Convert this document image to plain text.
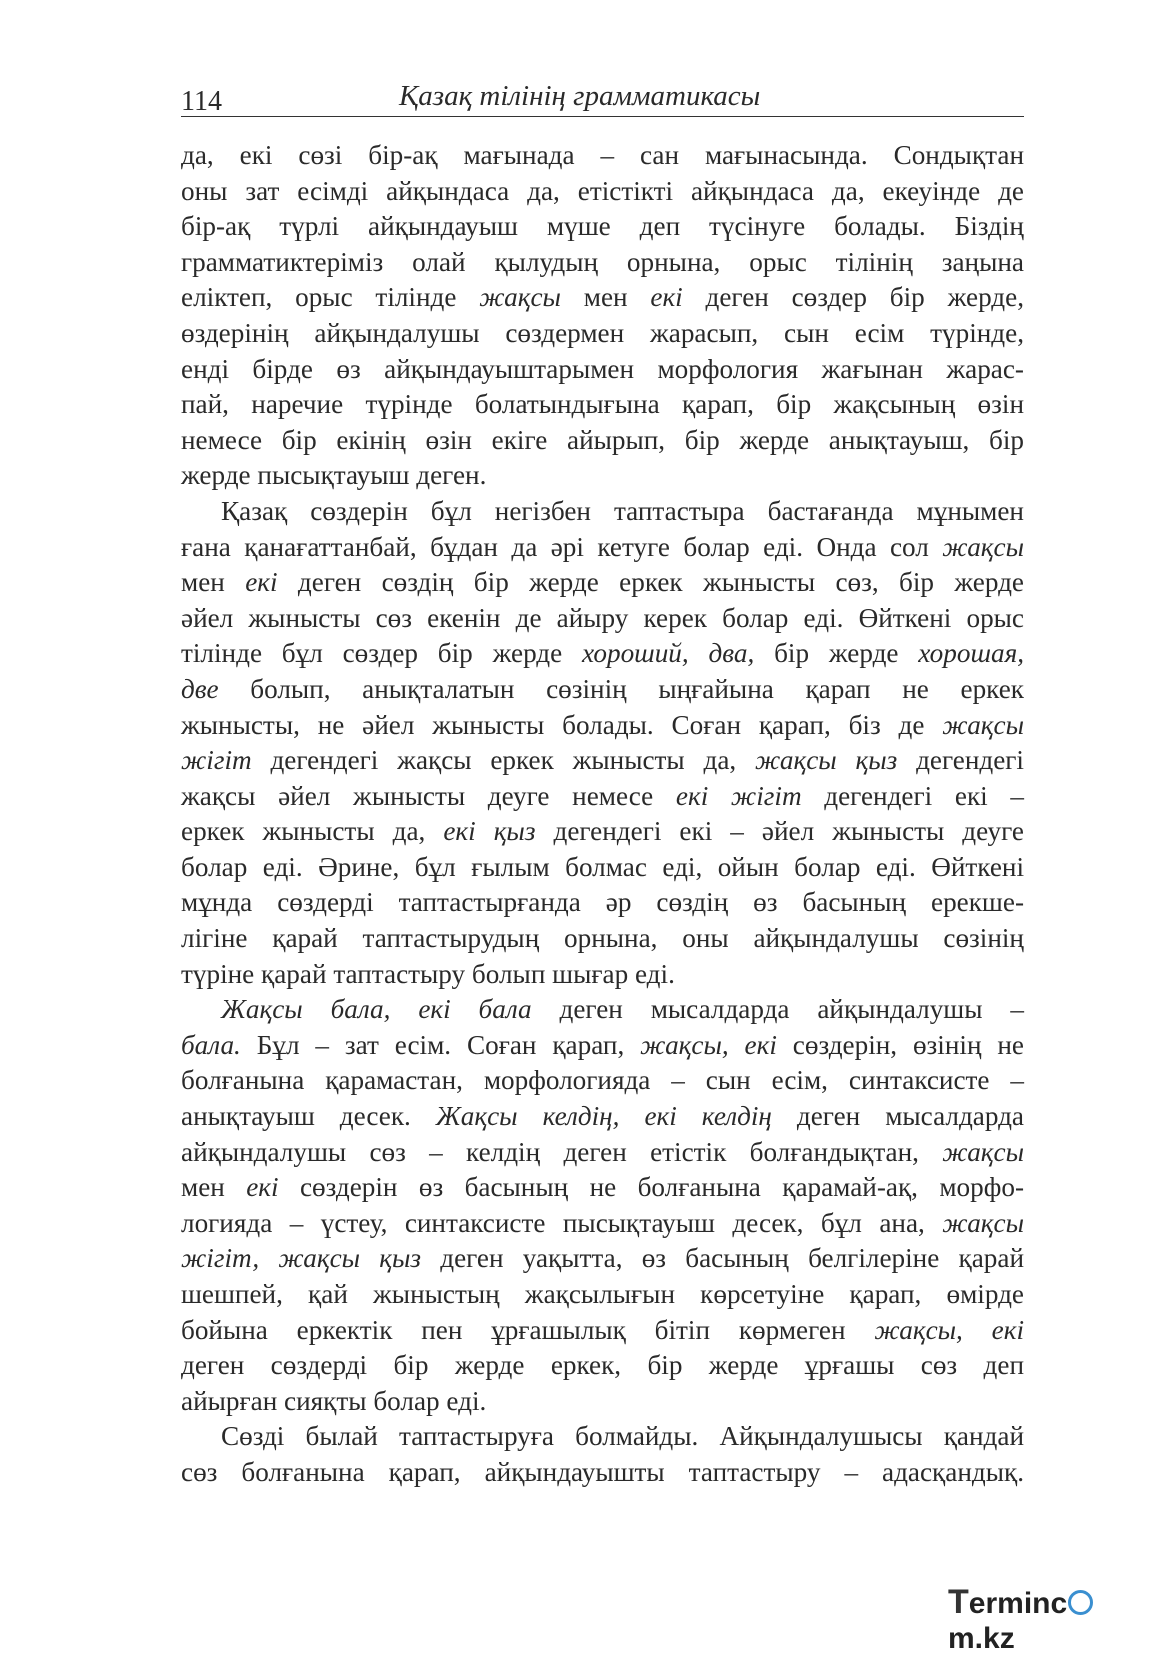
114	Қазақ тілінің грамматикасы
да, екі сөзі бір-ақ мағынада – сан мағынасында. Сондықтан
оны зат есімді айқындаса да, етістікті айқындаса да, екеуінде де
бір-ақ түрлі айқындауыш мүше деп түсінуге болады. Біздің
грамматиктеріміз олай қылудың орнына, орыс тілінің заңына
еліктеп, орыс тілінде жақсы мен екі деген сөздер бір жерде,
өздерінің айқындалушы сөздермен жарасып, сын есім түрінде,
енді бірде өз айқындауыштарымен морфология жағынан жарас-
пай, наречие түрінде болатындығына қарап, бір жақсының өзін
немесе бір екінің өзін екіге айырып, бір жерде анықтауыш, бір
жерде пысықтауыш деген.
Қазақ сөздерін бұл негізбен таптастыра бастағанда мұнымен
ғана қанағаттанбай, бұдан да әрі кетуге болар еді. Онда сол жақсы
мен екі деген сөздің бір жерде еркек жынысты сөз, бір жерде
әйел жынысты сөз екенін де айыру керек болар еді. Өйткені орыс
тілінде бұл сөздер бір жерде хороший, два, бір жерде хорошая,
две болып, анықталатын сөзінің ыңғайына қарап не еркек
жынысты, не әйел жынысты болады. Соған қарап, біз де жақсы
жігіт дегендегі жақсы еркек жынысты да, жақсы қыз дегендегі
жақсы әйел жынысты деуге немесе екі жігіт дегендегі екі –
еркек жынысты да, екі қыз дегендегі екі – әйел жынысты деуге
болар еді. Әрине, бұл ғылым болмас еді, ойын болар еді. Өйткені
мұнда сөздерді таптастырғанда әр сөздің өз басының ерекше-
лігіне қарай таптастырудың орнына, оны айқындалушы сөзінің
түріне қарай таптастыру болып шығар еді.
Жақсы бала, екі бала деген мысалдарда айқындалушы –
бала. Бұл – зат есім. Соған қарап, жақсы, екі сөздерін, өзінің не
болғанына қарамастан, морфологияда – сын есім, синтаксисте –
анықтауыш десек. Жақсы келдің, екі келдің деген мысалдарда
айқындалушы сөз – келдің деген етістік болғандықтан, жақсы
мен екі сөздерін өз басының не болғанына қарамай-ақ, морфо-
логияда – үстеу, синтаксисте пысықтауыш десек, бұл ана, жақсы
жігіт, жақсы қыз деген уақытта, өз басының белгілеріне қарай
шешпей, қай жыныстың жақсылығын көрсетуіне қарап, өмірде
бойына еркектік пен ұрғашылық бітіп көрмеген жақсы, екі
деген сөздерді бір жерде еркек, бір жерде ұрғашы сөз деп
айырған сияқты болар еді.
Сөзді былай таптастыруға болмайды. Айқындалушысы қандай
сөз болғанына қарап, айқындауышты таптастыру – адасқандық.
Termincm.kz
